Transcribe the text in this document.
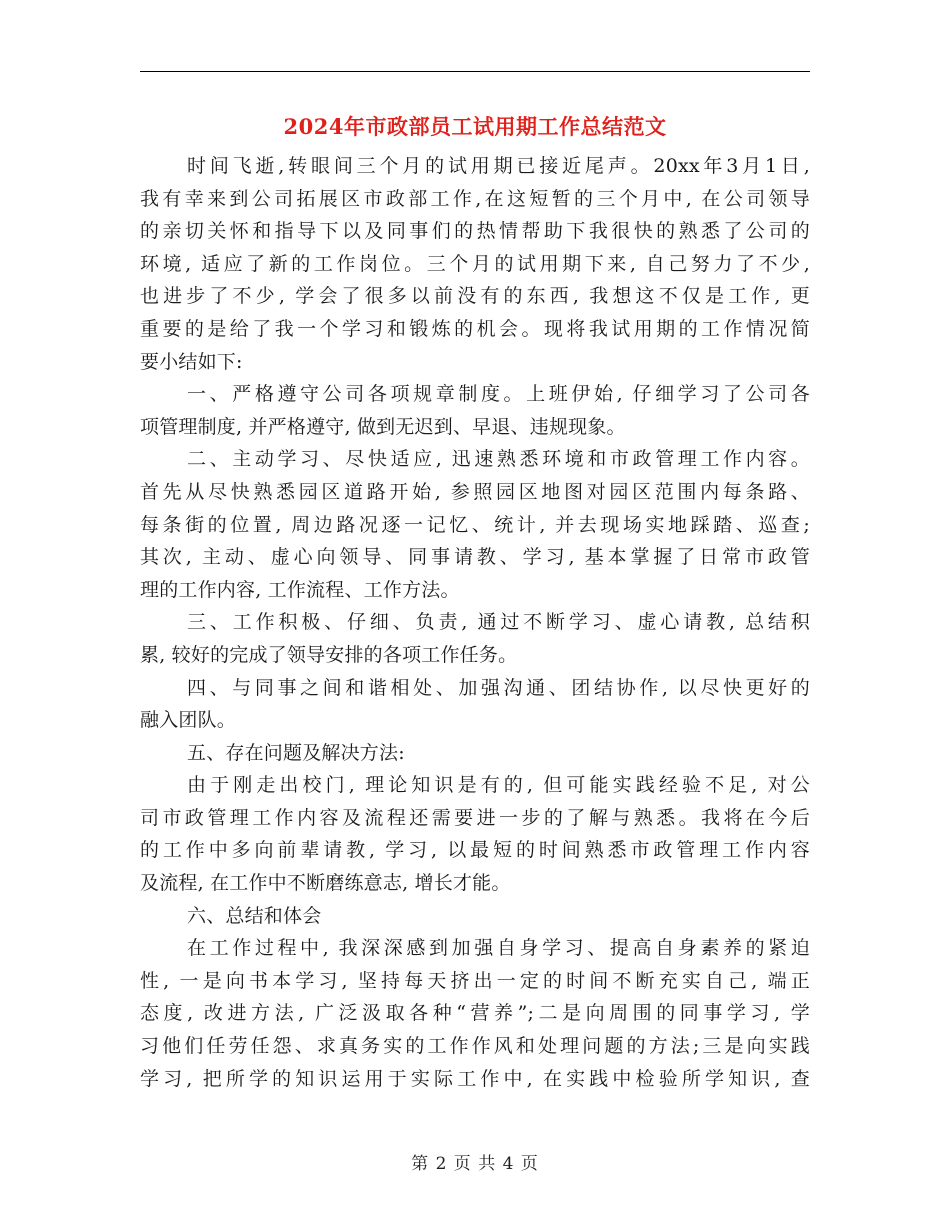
2024年市政部员工试用期工作总结范文
时间飞逝,转眼间三个月的试用期已接近尾声。20xx年3月1日,
我有幸来到公司拓展区市政部工作,在这短暂的三个月中, 在公司领导
的亲切关怀和指导下以及同事们的热情帮助下我很快的熟悉了公司的
环境, 适应了新的工作岗位。三个月的试用期下来, 自己努力了不少,
也进步了不少, 学会了很多以前没有的东西, 我想这不仅是工作, 更
重要的是给了我一个学习和锻炼的机会。现将我试用期的工作情况简
要小结如下:
一、严格遵守公司各项规章制度。上班伊始, 仔细学习了公司各
项管理制度, 并严格遵守, 做到无迟到、早退、违规现象。
二、主动学习、尽快适应, 迅速熟悉环境和市政管理工作内容。
首先从尽快熟悉园区道路开始, 参照园区地图对园区范围内每条路、
每条街的位置, 周边路况逐一记忆、统计, 并去现场实地踩踏、巡查;
其次, 主动、虚心向领导、同事请教、学习, 基本掌握了日常市政管
理的工作内容, 工作流程、工作方法。
三、工作积极、仔细、负责, 通过不断学习、虚心请教, 总结积
累, 较好的完成了领导安排的各项工作任务。
四、与同事之间和谐相处、加强沟通、团结协作, 以尽快更好的
融入团队。
五、存在问题及解决方法:
由于刚走出校门, 理论知识是有的, 但可能实践经验不足, 对公
司市政管理工作内容及流程还需要进一步的了解与熟悉。我将在今后
的工作中多向前辈请教, 学习, 以最短的时间熟悉市政管理工作内容
及流程, 在工作中不断磨练意志, 增长才能。
六、总结和体会
在工作过程中, 我深深感到加强自身学习、提高自身素养的紧迫
性, 一是向书本学习, 坚持每天挤出一定的时间不断充实自己, 端正
态度, 改进方法, 广泛汲取各种“营养”;二是向周围的同事学习, 学
习他们任劳任怨、求真务实的工作作风和处理问题的方法;三是向实践
学习, 把所学的知识运用于实际工作中, 在实践中检验所学知识, 查
第 2 页 共 4 页
